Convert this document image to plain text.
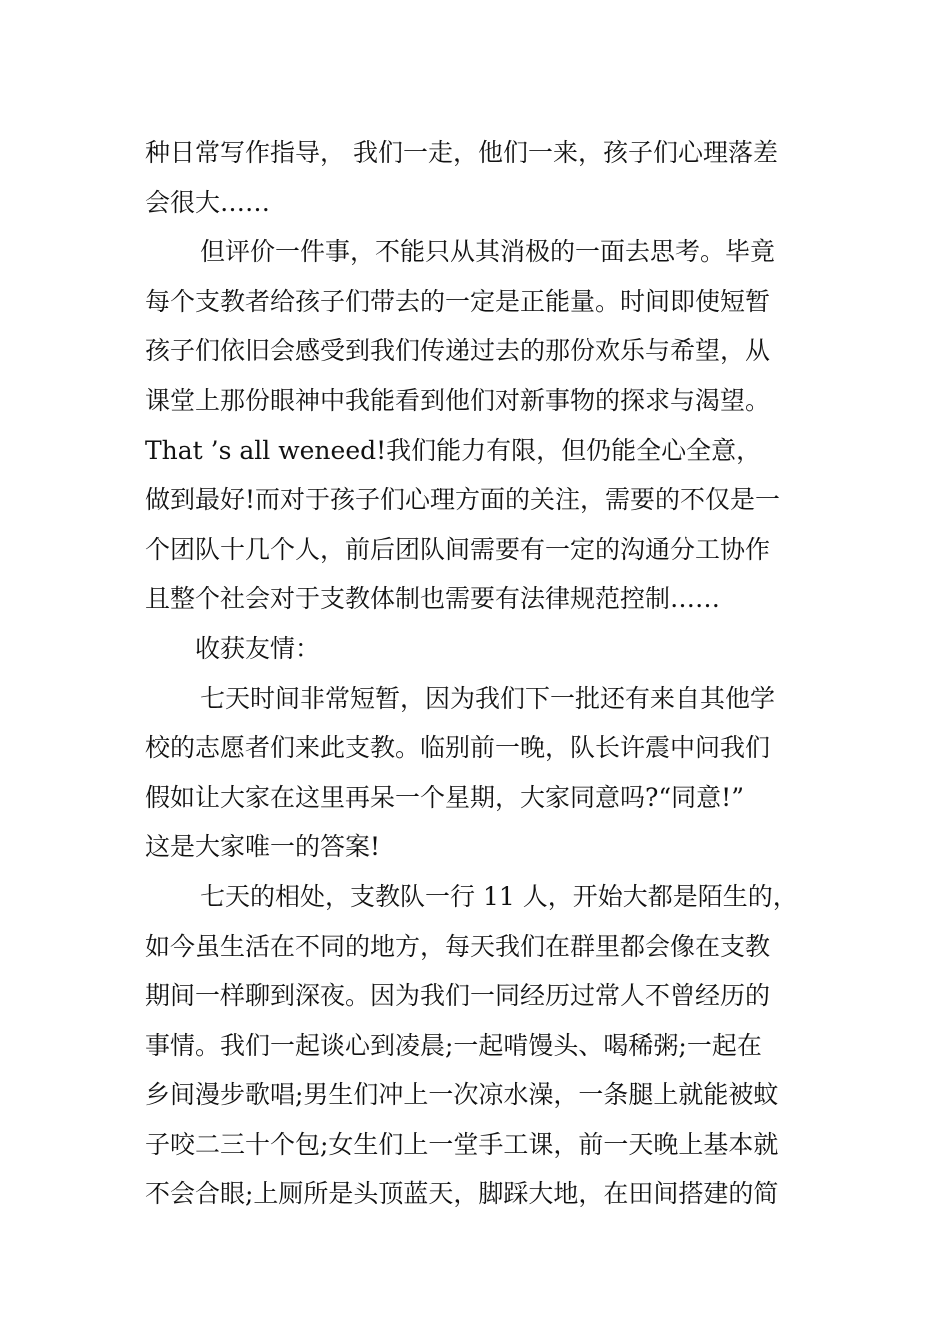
种日常写作指导， 我们一走，他们一来，孩子们心理落差
会很大……
但评价一件事，不能只从其消极的一面去思考。毕竟
每个支教者给孩子们带去的一定是正能量。时间即使短暂
孩子们依旧会感受到我们传递过去的那份欢乐与希望，从
课堂上那份眼神中我能看到他们对新事物的探求与渴望。
That ’s all weneed!我们能力有限，但仍能全心全意，
做到最好!而对于孩子们心理方面的关注，需要的不仅是一
个团队十几个人，前后团队间需要有一定的沟通分工协作
且整个社会对于支教体制也需要有法律规范控制……
收获友情：
七天时间非常短暂，因为我们下一批还有来自其他学
校的志愿者们来此支教。临别前一晚，队长许震中问我们
假如让大家在这里再呆一个星期，大家同意吗?“同意!”
这是大家唯一的答案!
七天的相处，支教队一行 11 人，开始大都是陌生的，
如今虽生活在不同的地方，每天我们在群里都会像在支教
期间一样聊到深夜。因为我们一同经历过常人不曾经历的
事情。我们一起谈心到凌晨;一起啃馒头、喝稀粥;一起在
乡间漫步歌唱;男生们冲上一次凉水澡，一条腿上就能被蚊
子咬二三十个包;女生们上一堂手工课，前一天晚上基本就
不会合眼;上厕所是头顶蓝天，脚踩大地，在田间搭建的简
